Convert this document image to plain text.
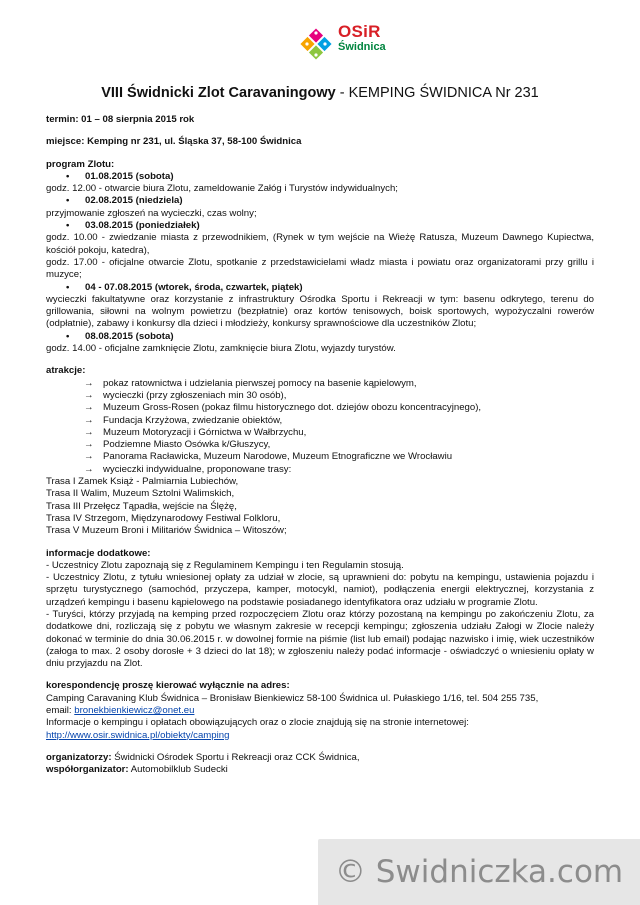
OSiR
Świdnica
VIII Świdnicki Zlot Caravaningowy - KEMPING ŚWIDNICA Nr 231

termin: 01 – 08 sierpnia 2015 rok

miejsce: Kemping nr 231, ul. Śląska 37, 58-100 Świdnica

program Zlotu:

• 01.08.2015 (sobota)

godz. 12.00 - otwarcie biura Zlotu, zameldowanie Załóg i Turystów indywidualnych;

• 02.08.2015 (niedziela)

przyjmowanie zgłoszeń na wycieczki, czas wolny;

• 03.08.2015 (poniedziałek)

godz. 10.00 - zwiedzanie miasta z przewodnikiem, (Rynek w tym wejście na Wieżę Ratusza, Muzeum Dawnego Kupiectwa, kościół pokoju, katedra),

godz. 17.00 - oficjalne otwarcie Zlotu, spotkanie z przedstawicielami władz miasta i powiatu oraz organizatorami przy grillu i muzyce;

• 04 - 07.08.2015 (wtorek, środa, czwartek, piątek)

wycieczki fakultatywne oraz korzystanie z infrastruktury Ośrodka Sportu i Rekreacji w tym: basenu odkrytego, terenu do grillowania, siłowni na wolnym powietrzu (bezpłatnie) oraz kortów tenisowych, boisk sportowych, wypożyczalni rowerów (odpłatnie), zabawy i konkursy dla dzieci i młodzieży, konkursy sprawnościowe dla uczestników Zlotu;

• 08.08.2015 (sobota)

godz. 14.00 - oficjalne zamknięcie Zlotu, zamknięcie biura Zlotu, wyjazdy turystów.

atrakcje:

→ pokaz ratownictwa i udzielania pierwszej pomocy na basenie kąpielowym,
→ wycieczki (przy zgłoszeniach min 30 osób),
→ Muzeum Gross-Rosen (pokaz filmu historycznego dot. dziejów obozu koncentracyjnego),
→ Fundacja Krzyżowa, zwiedzanie obiektów,
→ Muzeum Motoryzacji i Górnictwa w Wałbrzychu,
→ Podziemne Miasto Osówka k/Głuszycy,
→ Panorama Racławicka, Muzeum Narodowe, Muzeum Etnograficzne we Wrocławiu
→ wycieczki indywidualne, proponowane trasy:

Trasa I Zamek Książ - Palmiarnia Lubiechów,

Trasa II Walim, Muzeum Sztolni Walimskich,

Trasa III Przełęcz Tąpadła, wejście na Ślężę,

Trasa IV Strzegom, Międzynarodowy Festiwal Folkloru,

Trasa V Muzeum Broni i Militariów Świdnica – Witoszów;

informacje dodatkowe:

- Uczestnicy Zlotu zapoznają się z Regulaminem Kempingu i ten Regulamin stosują.

- Uczestnicy Zlotu, z tytułu wniesionej opłaty za udział w zlocie, są uprawnieni do: pobytu na kempingu, ustawienia pojazdu i sprzętu turystycznego (samochód, przyczepa, kamper, motocykl, namiot), podłączenia energii elektrycznej, korzystania z urządzeń kempingu i basenu kąpielowego na podstawie posiadanego identyfikatora oraz udziału w programie Zlotu.

- Turyści, którzy przyjadą na kemping przed rozpoczęciem Zlotu oraz którzy pozostaną na kempingu po zakończeniu Zlotu, za dodatkowe dni, rozliczają się z pobytu we własnym zakresie w recepcji kempingu; zgłoszenia udziału Załogi w Zlocie należy dokonać w terminie do dnia 30.06.2015 r. w dowolnej formie na piśmie (list lub email) podając nazwisko i imię, wiek uczestników (załoga to max. 2 osoby dorosłe + 3 dzieci do lat 18); w zgłoszeniu należy podać informacje - oświadczyć o wniesieniu opłaty w dniu przyjazdu na Zlot.

korespondencję proszę kierować wyłącznie na adres:

Camping Caravaning Klub Świdnica – Bronisław Bienkiewicz 58-100 Świdnica ul. Pułaskiego 1/16, tel. 504 255 735,

email: bronekbienkiewicz@onet.eu

Informacje o kempingu i opłatach obowiązujących oraz o zlocie znajdują się na stronie internetowej:

http://www.osir.swidnica.pl/obiekty/camping

organizatorzy: Świdnicki Ośrodek Sportu i Rekreacji oraz CCK Świdnica,

współorganizator: Automobilklub Sudecki

© Swidniczka.com
